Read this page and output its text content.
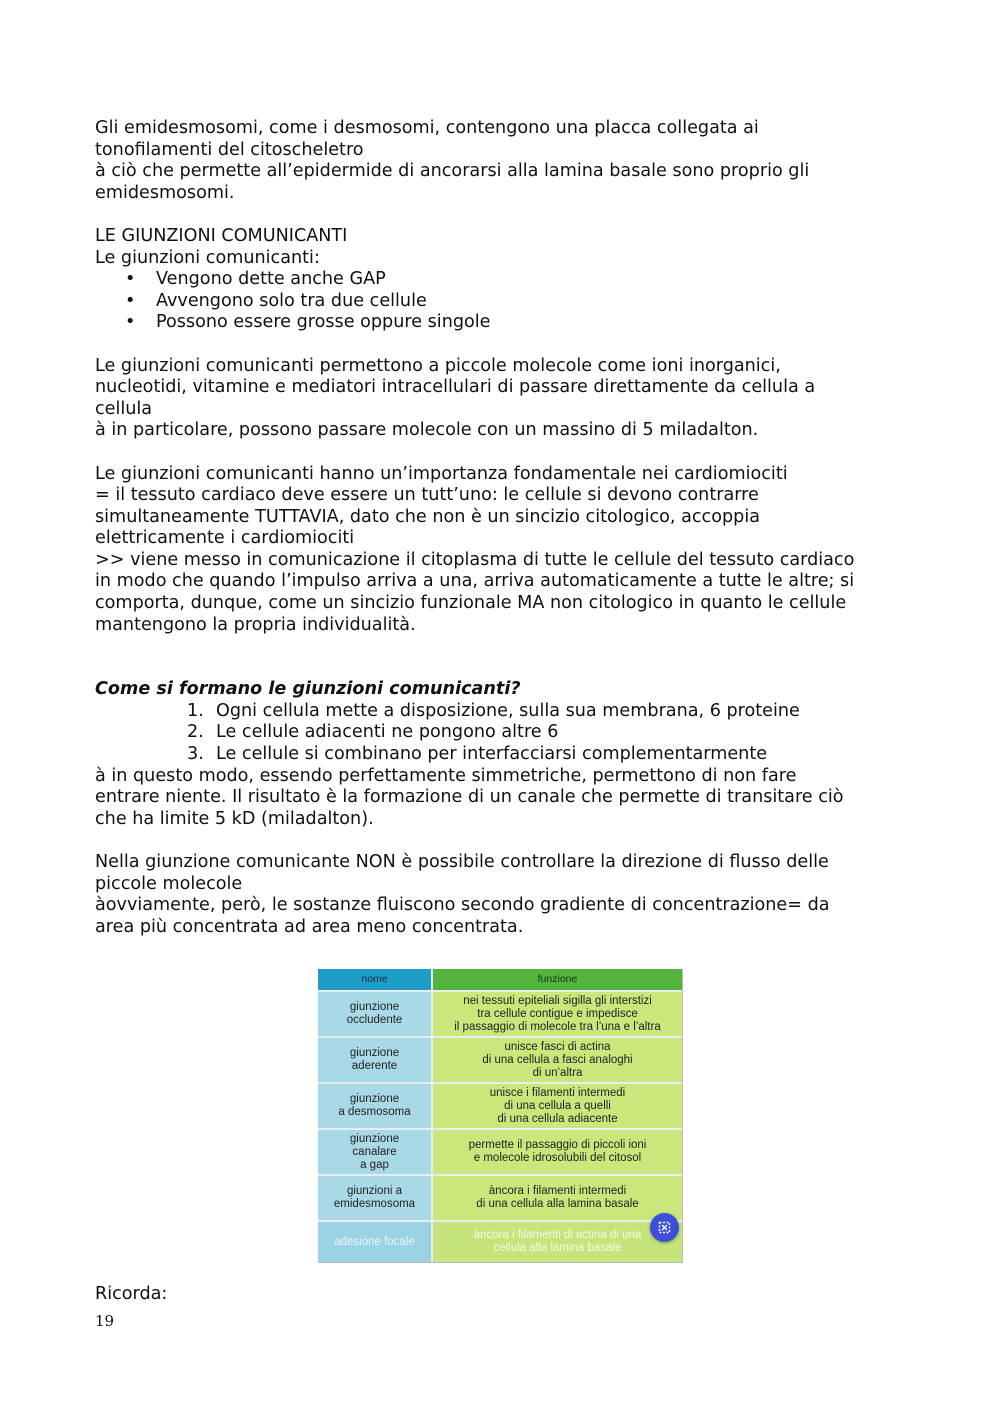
Gli emidesmosomi, come i desmosomi, contengono una placca collegata ai

tonofilamenti del citoscheletro

à ciò che permette all’epidermide di ancorarsi alla lamina basale sono proprio gli

emidesmosomi.

LE GIUNZIONI COMUNICANTI

Le giunzioni comunicanti:

• Vengono dette anche GAP
• Avvengono solo tra due cellule
• Possono essere grosse oppure singole

Le giunzioni comunicanti permettono a piccole molecole come ioni inorganici,

nucleotidi, vitamine e mediatori intracellulari di passare direttamente da cellula a

cellula

à in particolare, possono passare molecole con un massino di 5 miladalton.

Le giunzioni comunicanti hanno un’importanza fondamentale nei cardiomiociti

= il tessuto cardiaco deve essere un tutt’uno: le cellule si devono contrarre

simultaneamente TUTTAVIA, dato che non è un sincizio citologico, accoppia

elettricamente i cardiomiociti

>> viene messo in comunicazione il citoplasma di tutte le cellule del tessuto cardiaco

in modo che quando l’impulso arriva a una, arriva automaticamente a tutte le altre; si

comporta, dunque, come un sincizio funzionale MA non citologico in quanto le cellule

mantengono la propria individualità.

Come si formano le giunzioni comunicanti?

1. Ogni cellula mette a disposizione, sulla sua membrana, 6 proteine
2. Le cellule adiacenti ne pongono altre 6
3. Le cellule si combinano per interfacciarsi complementarmente

à in questo modo, essendo perfettamente simmetriche, permettono di non fare

entrare niente. Il risultato è la formazione di un canale che permette di transitare ciò

che ha limite 5 kD (miladalton).

Nella giunzione comunicante NON è possibile controllare la direzione di flusso delle

piccole molecole

àovviamente, però, le sostanze fluiscono secondo gradiente di concentrazione= da

area più concentrata ad area meno concentrata.

nome	funzione
giunzione
occludente
nei tessuti epiteliali sigilla gli interstizi
tra cellule contigue e impedisce
il passaggio di molecole tra l’una e l’altra
giunzione
aderente
unisce fasci di actina
di una cellula a fasci analoghi
di un’altra
giunzione
a desmosoma
unisce i filamenti intermedi
di una cellula a quelli
di una cellula adiacente
giunzione
canalare
a gap
permette il passaggio di piccoli ioni
e molecole idrosolubili del citosol
giunzioni a
emidesmosoma
àncora i filamenti intermedi
di una cellula alla lamina basale
adesione focale
àncora i filamenti di actina di una
cellula alla lamina basale
Ricorda:
19
